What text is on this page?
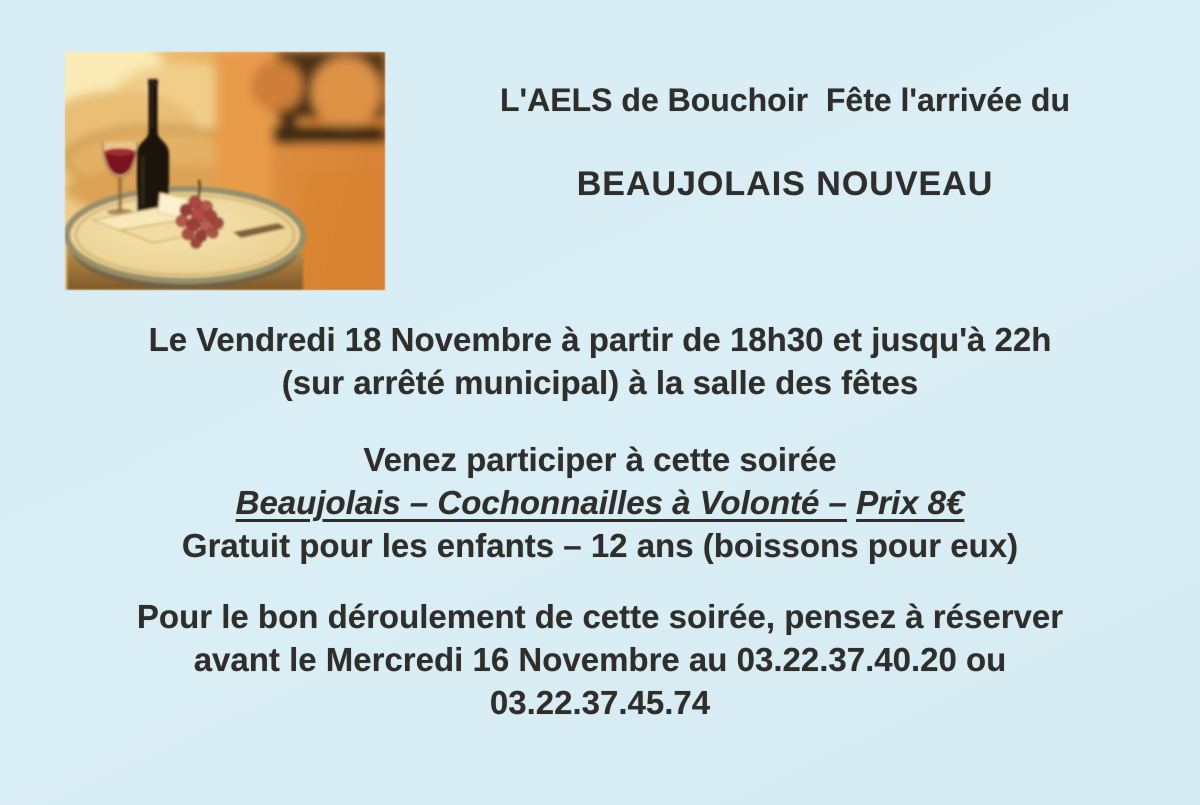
L'AELS de Bouchoir  Fête l'arrivée du
BEAUJOLAIS NOUVEAU

Le Vendredi 18 Novembre à partir de 18h30 et jusqu'à 22h
(sur arrêté municipal) à la salle des fêtes

Venez participer à cette soirée
Beaujolais – Cochonnailles à Volonté – Prix 8€
Gratuit pour les enfants – 12 ans (boissons pour eux)

Pour le bon déroulement de cette soirée, pensez à réserver
avant le Mercredi 16 Novembre au 03.22.37.40.20 ou
03.22.37.45.74
